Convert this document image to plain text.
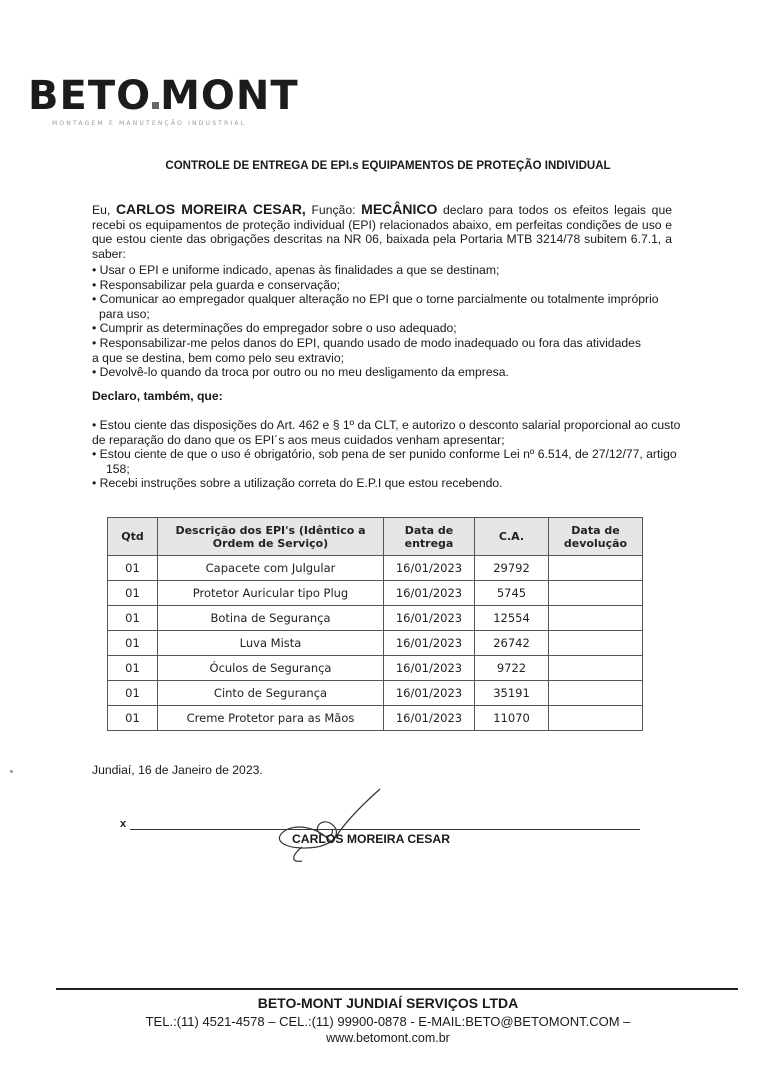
BETO MONT
MONTAGEM E MANUTENÇÃO INDUSTRIAL
CONTROLE DE ENTREGA DE EPI.s EQUIPAMENTOS DE PROTEÇÃO INDIVIDUAL
Eu, CARLOS MOREIRA CESAR, Função: MECÂNICO declaro para todos os efeitos legais que recebi os equipamentos de proteção individual (EPI) relacionados abaixo, em perfeitas condições de uso e que estou ciente das obrigações descritas na NR 06, baixada pela Portaria MTB 3214/78 subitem 6.7.1, a saber:
• Usar o EPI e uniforme indicado, apenas às finalidades a que se destinam;
• Responsabilizar pela guarda e conservação;
• Comunicar ao empregador qualquer alteração no EPI que o torne parcialmente ou totalmente impróprio para uso;
• Cumprir as determinações do empregador sobre o uso adequado;
• Responsabilizar-me pelos danos do EPI, quando usado de modo inadequado ou fora das atividades
a que se destina, bem como pelo seu extravio;
• Devolvê-lo quando da troca por outro ou no meu desligamento da empresa.
Declaro, também, que:
• Estou ciente das disposições do Art. 462 e § 1º da CLT, e autorizo o desconto salarial proporcional ao custo de reparação do dano que os EPI´s aos meus cuidados venham apresentar;
• Estou ciente de que o uso é obrigatório, sob pena de ser punido conforme Lei nº 6.514, de 27/12/77, artigo 158;
• Recebi instruções sobre a utilização correta do E.P.I que estou recebendo.
Qtd	Descrição dos EPI's (Idêntico a Ordem de Serviço)	Data de entrega	C.A.	Data de devolução
01	Capacete com Julgular	16/01/2023	29792	
01	Protetor Auricular tipo Plug	16/01/2023	5745	
01	Botina de Segurança	16/01/2023	12554	
01	Luva Mista	16/01/2023	26742	
01	Óculos de Segurança	16/01/2023	9722	
01	Cinto de Segurança	16/01/2023	35191	
01	Creme Protetor para as Mãos	16/01/2023	11070	
Jundiaí, 16 de Janeiro de 2023.
x
CARLOS MOREIRA CESAR
BETO-MONT JUNDIAÍ SERVIÇOS LTDA
TEL.:(11) 4521-4578 – CEL.:(11) 99900-0878 - E-MAIL:BETO@BETOMONT.COM –
www.betomont.com.br
